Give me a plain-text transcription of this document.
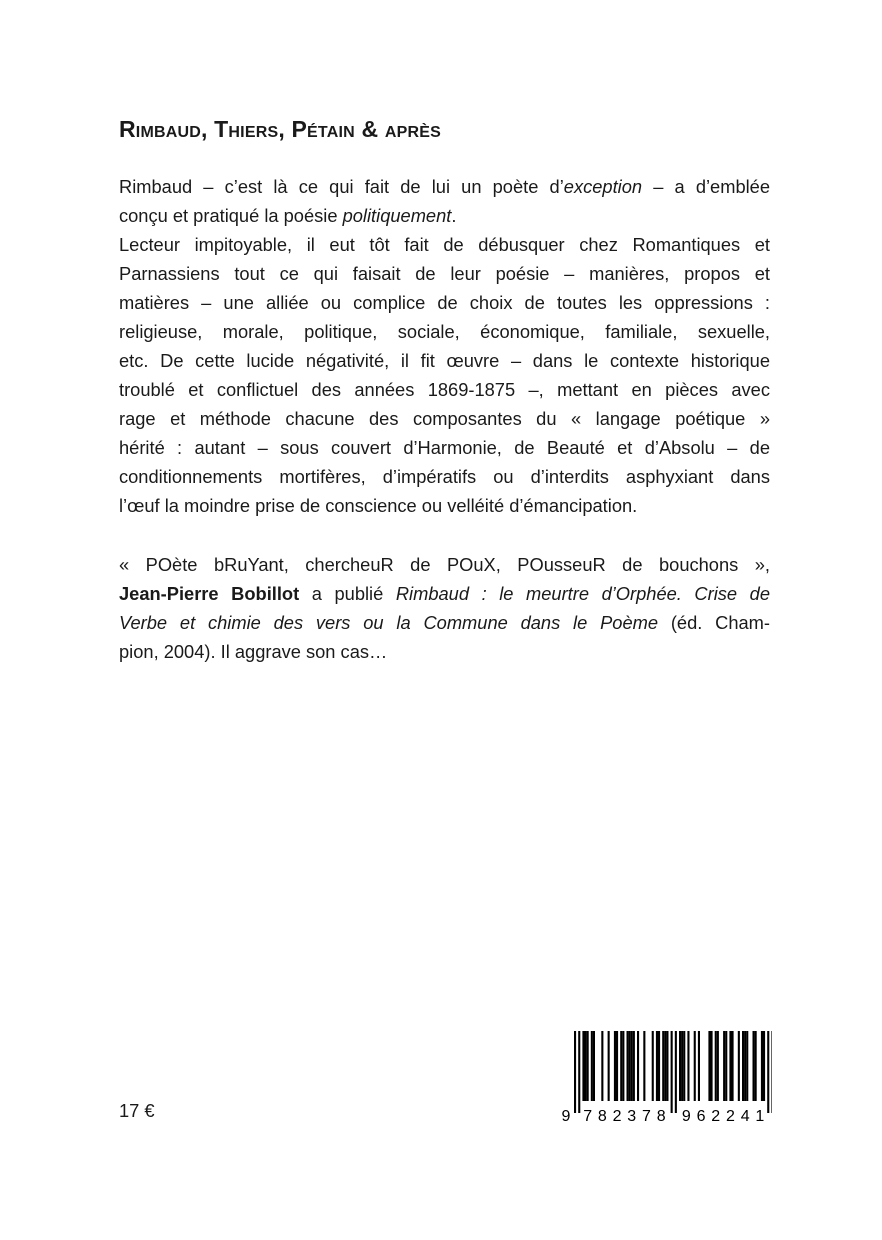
Rimbaud, Thiers, Pétain & après
Rimbaud – c’est là ce qui fait de lui un poète d’exception – a d’emblée
conçu et pratiqué la poésie politiquement.
Lecteur impitoyable, il eut tôt fait de débusquer chez Romantiques et
Parnassiens tout ce qui faisait de leur poésie – manières, propos et
matières – une alliée ou complice de choix de toutes les oppressions :
religieuse, morale, politique, sociale, économique, familiale, sexuelle,
etc. De cette lucide négativité, il fit œuvre – dans le contexte historique
troublé et conflictuel des années 1869-1875 –, mettant en pièces avec
rage et méthode chacune des composantes du « langage poétique »
hérité : autant – sous couvert d’Harmonie, de Beauté et d’Absolu – de
conditionnements mortifères, d’impératifs ou d’interdits asphyxiant dans
l’œuf la moindre prise de conscience ou velléité d’émancipation.
« POète bRuYant, chercheuR de POuX, POusseuR de bouchons »,
Jean-Pierre Bobillot a publié Rimbaud : le meurtre d’Orphée. Crise de
Verbe et chimie des vers ou la Commune dans le Poème (éd. Cham-
pion, 2004). Il aggrave son cas…
17 €	9 7 8 2 3 7 8 9 6 2 2 4 1
